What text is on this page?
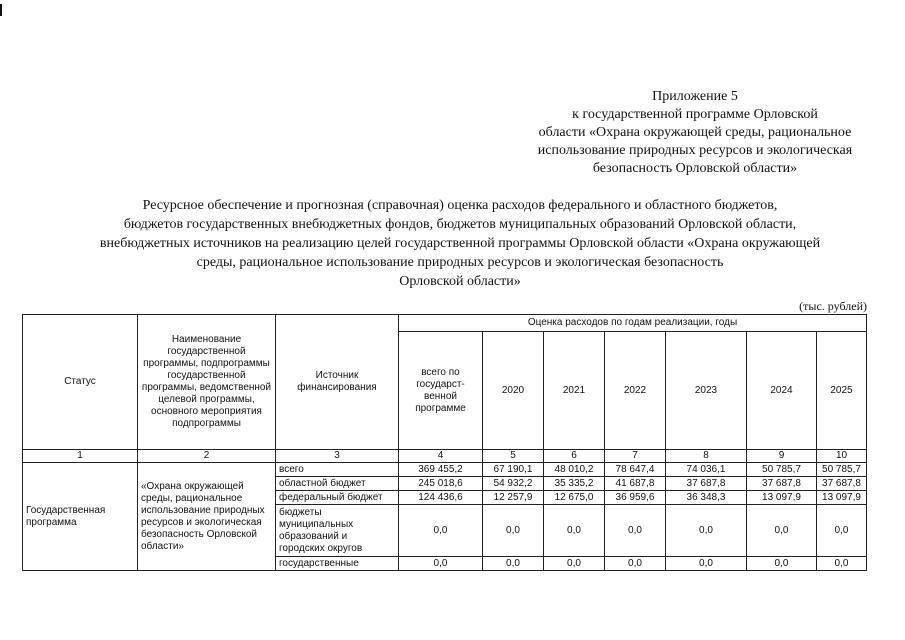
Приложение 5
к государственной программе Орловской
области «Охрана окружающей среды, рациональное
использование природных ресурсов и экологическая
безопасность Орловской области»
Ресурсное обеспечение и прогнозная (справочная) оценка расходов федерального и областного бюджетов,
бюджетов государственных внебюджетных фондов, бюджетов муниципальных образований Орловской области,
внебюджетных источников на реализацию целей государственной программы Орловской области «Охрана окружающей
среды, рациональное использование природных ресурсов и экологическая безопасность
Орловской области»
(тыс. рублей)
Статус	Наименование государственной программы, подпрограммы государственной программы, ведомственной целевой программы, основного мероприятия подпрограммы	Источник финансирования	Оценка расходов по годам реализации, годы						
			всего по государст-венной программе	2020	2021	2022	2023	2024	2025
1	2	3	4	5	6	7	8	9	10
Государственная программа	«Охрана окружающей среды, рациональное использование природных ресурсов и экологическая безопасность Орловской области»	всего	369 455,2	67 190,1	48 010,2	78 647,4	74 036,1	50 785,7	50 785,7
		областной бюджет	245 018,6	54 932,2	35 335,2	41 687,8	37 687,8	37 687,8	37 687,8
		федеральный бюджет	124 436,6	12 257,9	12 675,0	36 959,6	36 348,3	13 097,9	13 097,9
		бюджеты муниципальных образований и городских округов	0,0	0,0	0,0	0,0	0,0	0,0	0,0
		государственные	0,0	0,0	0,0	0,0	0,0	0,0	0,0
